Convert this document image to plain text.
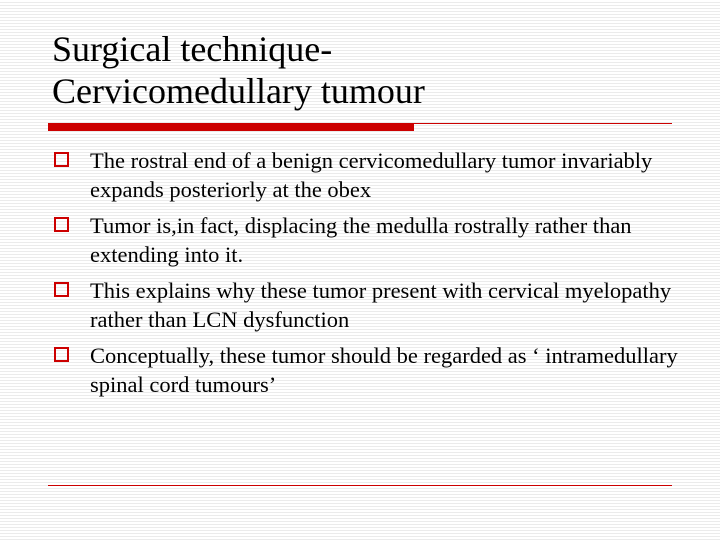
Surgical technique-
Cervicomedullary tumour
The rostral end of a benign cervicomedullary tumor invariably expands posteriorly at the obex
Tumor is,in fact, displacing the medulla rostrally rather than extending into it.
This explains why these tumor present with cervical myelopathy rather than LCN dysfunction
Conceptually, these tumor should be regarded as ‘ intramedullary spinal cord tumours’
